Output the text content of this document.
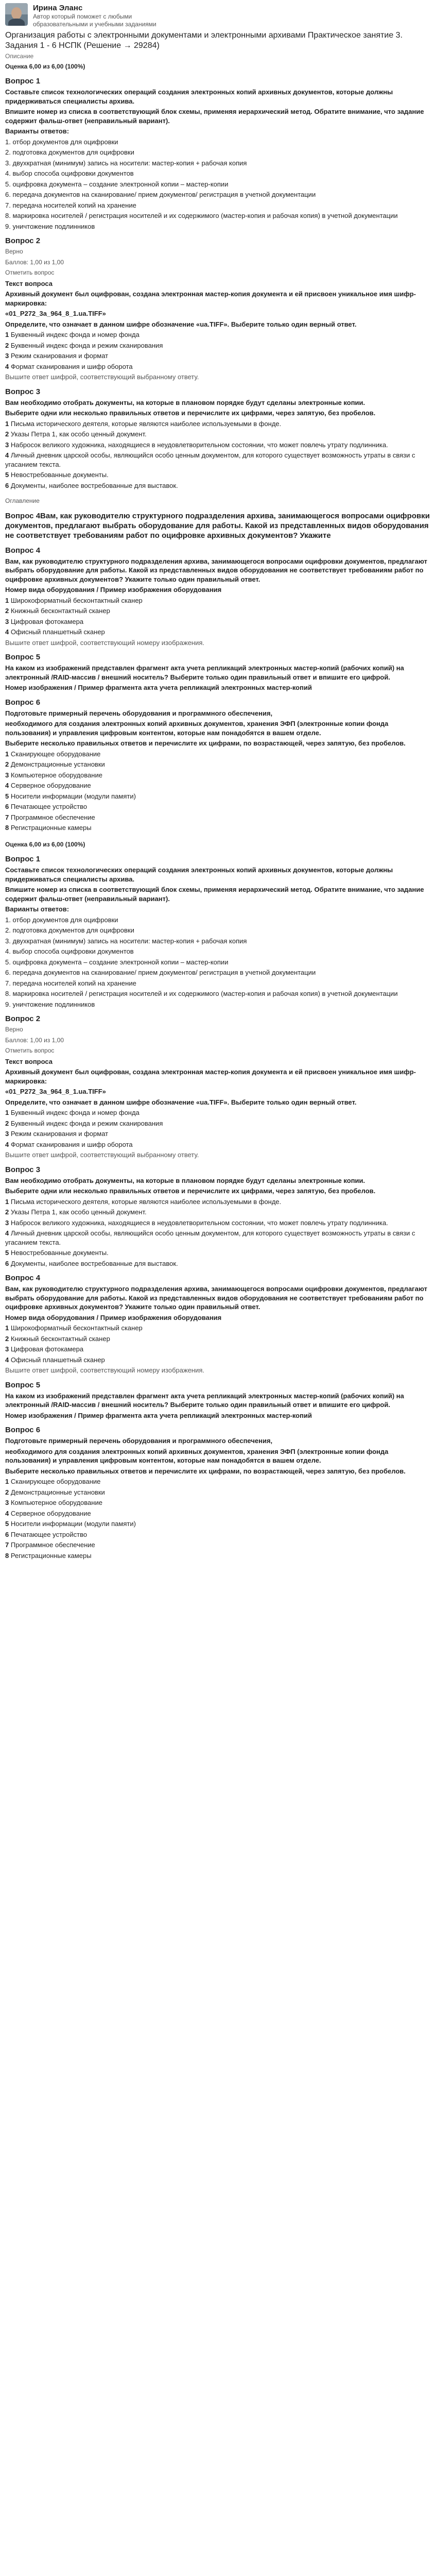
Ирина Эланс
Автор который поможет с любыми образовательными и учебными заданиями
Организация работы с электронными документами и электронными архивами Практическое занятие 3. Задания 1 - 6 НСПК (Решение → 29284)
Описание
Оценка 6,00 из 6,00 (100%)
Вопрос 1

Составьте список технологических операций создания электронных копий архивных документов, которые должны придерживаться специалисты архива.

Впишите номер из списка в соответствующий блок схемы, применяя иерархический метод. Обратите внимание, что задание содержит фальш-ответ (неправильный вариант).

Варианты ответов:

1. отбор документов для оцифровки

2. подготовка документов для оцифровки

3. двухкратная (минимум) запись на носители: мастер-копия + рабочая копия

4. выбор способа оцифровки документов

5. оцифровка документа – создание электронной копии – мастер-копии

6. передача документов на сканирование/ прием документов/ регистрация в учетной документации

7. передача носителей копий на хранение

8. маркировка носителей / регистрация носителей и их содержимого (мастер-копия и рабочая копия) в учетной документации

9. уничтожение подлинников

Вопрос 2

Верно

Баллов: 1,00 из 1,00

Отметить вопрос

Текст вопроса

Архивный документ был оцифрован, создана электронная мастер-копия документа и ей присвоен уникальное имя шифр-маркировка:

«01_P272_3a_964_8_1.ua.TIFF»

Определите, что означает в данном шифре обозначение «ua.TIFF». Выберите только один верный ответ.

1 Буквенный индекс фонда и номер фонда

2 Буквенный индекс фонда и режим сканирования

3 Режим сканирования и формат

4 Формат сканирования и шифр оборота

Вышите ответ шифрой, соответствующий выбранному ответу.

Вопрос 3

Вам необходимо отобрать документы, на которые в плановом порядке будут сделаны электронные копии.

Выберите одни или несколько правильных ответов и перечислите их цифрами, через запятую, без пробелов.

1 Письма исторического деятеля, которые являются наиболее используемыми в фонде.

2 Указы Петра 1, как особо ценный документ.

3 Набросок великого художника, находящиеся в неудовлетворительном состоянии, что может повлечь утрату подлинника.

4 Личный дневник царской особы, являющийся особо ценным документом, для которого существует возможность утраты в связи с угасанием текста.

5 Невостребованные документы.

6 Документы, наиболее востребованные для выставок.

Оглавление

Вопрос 4Вам, как руководителю структурного подразделения архива, занимающегося вопросами оцифровки документов, предлагают выбрать оборудование для работы. Какой из представленных видов оборудования не соответствует требованиям работ по оцифровке архивных документов? Укажите
Вопрос 4

Вам, как руководителю структурного подразделения архива, занимающегося вопросами оцифровки документов, предлагают выбрать оборудование для работы. Какой из представленных видов оборудования не соответствует требованиям работ по оцифровке архивных документов? Укажите только один правильный ответ.

Номер вида оборудования / Пример изображения оборудования

1 Широкоформатный бесконтактный сканер

2 Книжный бесконтактный сканер

3 Цифровая фотокамера

4 Офисный планшетный сканер

Вышите ответ шифрой, соответствующий номеру изображения.

Вопрос 5

На каком из изображений представлен фрагмент акта учета репликаций электронных мастер-копий (рабочих копий) на электронный /RAID-массив / внешний носитель? Выберите только один правильный ответ и впишите его цифрой.

Номер изображения / Пример фрагмента акта учета репликаций электронных мастер-копий

Вопрос 6

Подготовьте примерный перечень оборудования и программного обеспечения,

необходимого для создания электронных копий архивных документов, хранения ЭФП (электронные копии фонда пользования) и управления цифровым контентом, которые нам понадобятся в вашем отделе.

Выберите несколько правильных ответов и перечислите их цифрами, по возрастающей, через запятую, без пробелов.

1 Сканирующее оборудование

2 Демонстрационные установки

3 Компьютерное оборудование

4 Серверное оборудование

5 Носители информации (модули памяти)

6 Печатающее устройство

7 Программное обеспечение

8 Регистрационные камеры

Оценка 6,00 из 6,00 (100%)
Вопрос 1

Составьте список технологических операций создания электронных копий архивных документов, которые должны придерживаться специалисты архива.

Впишите номер из списка в соответствующий блок схемы, применяя иерархический метод. Обратите внимание, что задание содержит фальш-ответ (неправильный вариант).

Варианты ответов:

1. отбор документов для оцифровки

2. подготовка документов для оцифровки

3. двухкратная (минимум) запись на носители: мастер-копия + рабочая копия

4. выбор способа оцифровки документов

5. оцифровка документа – создание электронной копии – мастер-копии

6. передача документов на сканирование/ прием документов/ регистрация в учетной документации

7. передача носителей копий на хранение

8. маркировка носителей / регистрация носителей и их содержимого (мастер-копия и рабочая копия) в учетной документации

9. уничтожение подлинников

Вопрос 2

Верно

Баллов: 1,00 из 1,00

Отметить вопрос

Текст вопроса

Архивный документ был оцифрован, создана электронная мастер-копия документа и ей присвоен уникальное имя шифр-маркировка:

«01_P272_3a_964_8_1.ua.TIFF»

Определите, что означает в данном шифре обозначение «ua.TIFF». Выберите только один верный ответ.

1 Буквенный индекс фонда и номер фонда

2 Буквенный индекс фонда и режим сканирования

3 Режим сканирования и формат

4 Формат сканирования и шифр оборота

Вышите ответ шифрой, соответствующий выбранному ответу.

Вопрос 3

Вам необходимо отобрать документы, на которые в плановом порядке будут сделаны электронные копии.

Выберите одни или несколько правильных ответов и перечислите их цифрами, через запятую, без пробелов.

1 Письма исторического деятеля, которые являются наиболее используемыми в фонде.

2 Указы Петра 1, как особо ценный документ.

3 Набросок великого художника, находящиеся в неудовлетворительном состоянии, что может повлечь утрату подлинника.

4 Личный дневник царской особы, являющийся особо ценным документом, для которого существует возможность утраты в связи с угасанием текста.

5 Невостребованные документы.

6 Документы, наиболее востребованные для выставок.

Вопрос 4

Вам, как руководителю структурного подразделения архива, занимающегося вопросами оцифровки документов, предлагают выбрать оборудование для работы. Какой из представленных видов оборудования не соответствует требованиям работ по оцифровке архивных документов? Укажите только один правильный ответ.

Номер вида оборудования / Пример изображения оборудования

1 Широкоформатный бесконтактный сканер

2 Книжный бесконтактный сканер

3 Цифровая фотокамера

4 Офисный планшетный сканер

Вышите ответ шифрой, соответствующий номеру изображения.

Вопрос 5

На каком из изображений представлен фрагмент акта учета репликаций электронных мастер-копий (рабочих копий) на электронный /RAID-массив / внешний носитель? Выберите только один правильный ответ и впишите его цифрой.

Номер изображения / Пример фрагмента акта учета репликаций электронных мастер-копий

Вопрос 6

Подготовьте примерный перечень оборудования и программного обеспечения,

необходимого для создания электронных копий архивных документов, хранения ЭФП (электронные копии фонда пользования) и управления цифровым контентом, которые нам понадобятся в вашем отделе.

Выберите несколько правильных ответов и перечислите их цифрами, по возрастающей, через запятую, без пробелов.

1 Сканирующее оборудование

2 Демонстрационные установки

3 Компьютерное оборудование

4 Серверное оборудование

5 Носители информации (модули памяти)

6 Печатающее устройство

7 Программное обеспечение

8 Регистрационные камеры
